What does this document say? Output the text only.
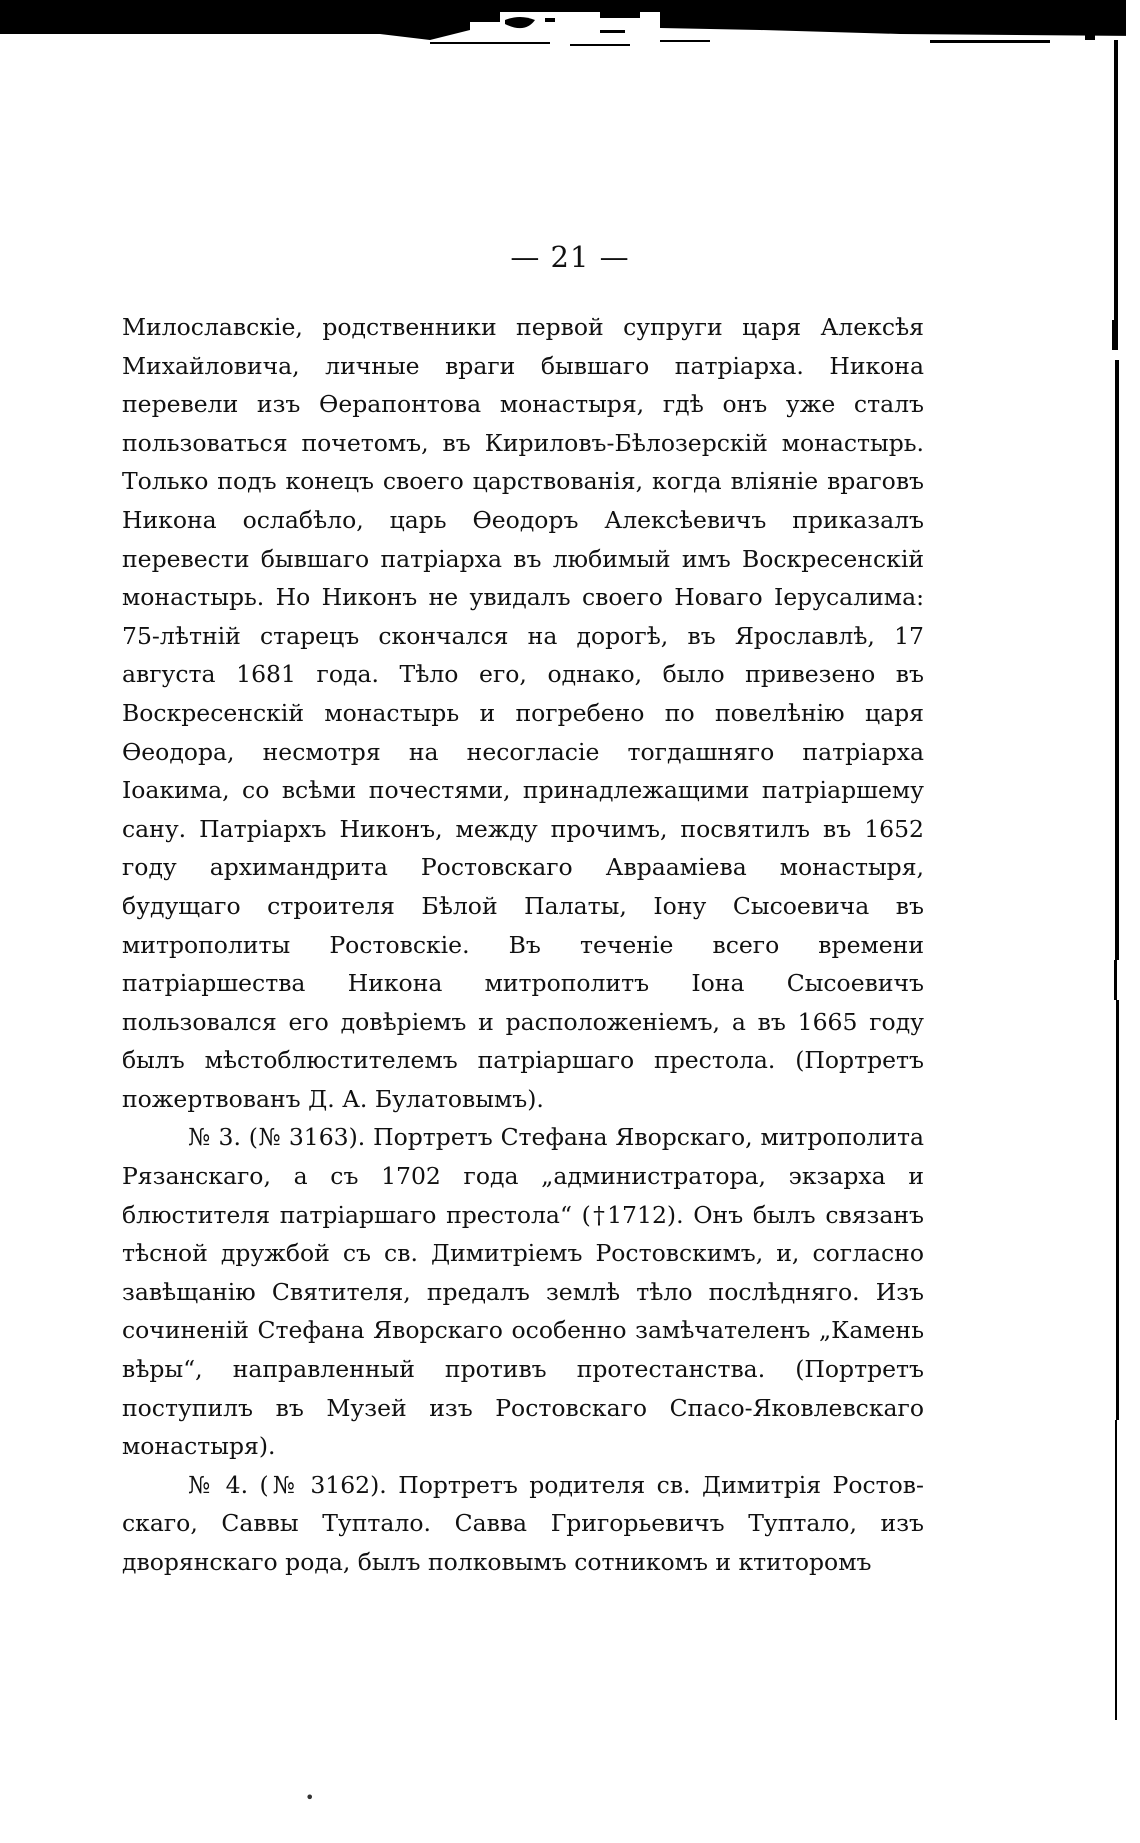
— 21 —

Милославскіе, родственники первой супруги царя Алексѣя Михайловича, личные враги бывшаго патріарха. Никона перевели изъ Ѳерапонтова монастыря, гдѣ онъ уже сталъ пользоваться почетомъ, въ Кириловъ-Бѣлозерскій монастырь. Только подъ конецъ своего царствованія, когда вліяніе враговъ Никона ослабѣло, царь Ѳеодоръ Алексѣевичъ приказалъ перевести бывшаго патріарха въ любимый имъ Воскресенскій монастырь. Но Никонъ не увидалъ своего Новаго Іерусалима: 75-лѣтній старецъ скончался на дорогѣ, въ Ярославлѣ, 17 августа 1681 года. Тѣло его, однако, было привезено въ Воскресенскій монастырь и погребено по повелѣнію царя Ѳеодора, несмотря на несогласіе тогдашняго патріарха Іоакима, со всѣми почестями, принадлежащими патріаршему сану. Патріархъ Никонъ, между прочимъ, посвятилъ въ 1652 году архимандрита Ростовскаго Аврааміева монастыря, будущаго строителя Бѣлой Палаты, Іону Сысоевича въ митрополиты Ростовскіе. Въ теченіе всего времени патріаршества Никона митрополитъ Іона Сысоевичъ пользовался его довѣріемъ и расположеніемъ, а въ 1665 году былъ мѣстоблюстителемъ патріаршаго престола. (Портретъ пожертвованъ Д. А. Булатовымъ).

№ 3. (№ 3163). Портретъ Стефана Яворскаго, митрополита Рязанскаго, а съ 1702 года „администратора, экзарха и блюстителя патріаршаго престола“ (†1712). Онъ былъ связанъ тѣсной дружбой съ св. Димитріемъ Ростовскимъ, и, согласно завѣщанію Святителя, предалъ землѣ тѣло послѣдняго. Изъ сочиненій Стефана Яворскаго особенно замѣчателенъ „Камень вѣры“, направленный противъ протестанства. (Портретъ поступилъ въ Музей изъ Ростовскаго Спасо-Яковлевскаго монастыря).

№ 4. (№ 3162). Портретъ родителя св. Димитрія Ростовскаго, Саввы Туптало. Савва Григорьевичъ Туптало, изъ дворянскаго рода, былъ полковымъ сотникомъ и ктиторомъ

•
